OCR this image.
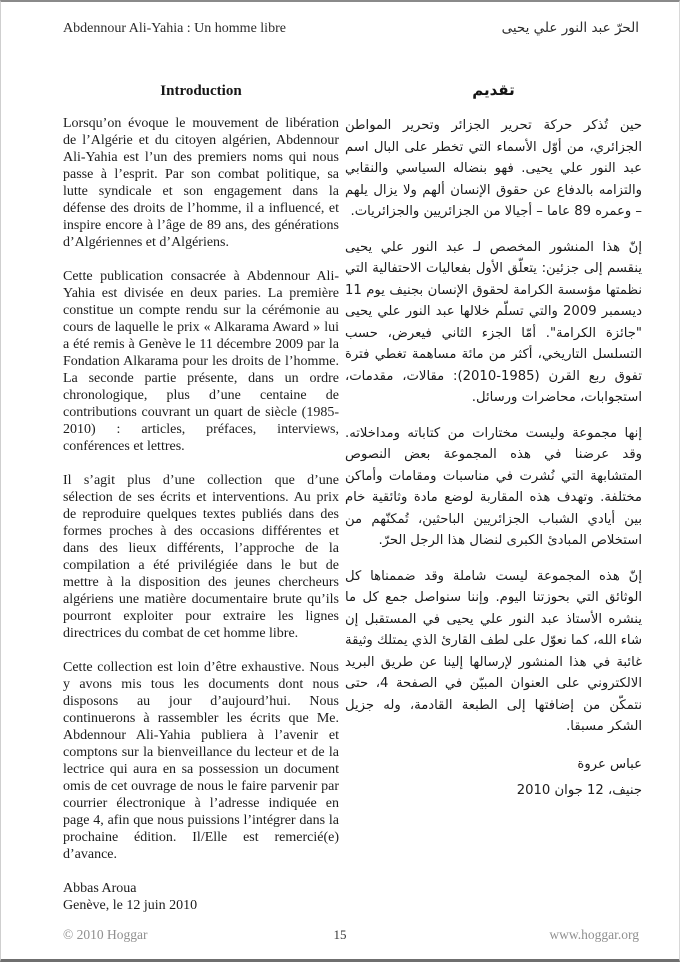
Abdennour Ali-Yahia : Un homme libre	الحرّ عبد النور علي يحيى
Introduction

Lorsqu’on évoque le mouvement de libération de l’Algérie et du citoyen algérien, Abdennour Ali-Yahia est l’un des premiers noms qui nous passe à l’esprit. Par son combat politique, sa lutte syndicale et son engagement dans la défense des droits de l’homme, il a influencé, et inspire encore à l’âge de 89 ans, des générations d’Algériennes et d’Algériens.

Cette publication consacrée à Abdennour Ali-Yahia est divisée en deux paries. La première constitue un compte rendu sur la cérémonie au cours de laquelle le prix « Alkarama Award » lui a été remis à Genève le 11 décembre 2009 par la Fondation Alkarama pour les droits de l’homme. La seconde partie présente, dans un ordre chronologique, plus d’une centaine de contributions couvrant un quart de siècle (1985-2010) : articles, préfaces, interviews, conférences et lettres.

Il s’agit plus d’une collection que d’une sélection de ses écrits et interventions. Au prix de reproduire quelques textes publiés dans des formes proches à des occasions différentes et dans des lieux différents, l’approche de la compilation a été privilégiée dans le but de mettre à la disposition des jeunes chercheurs algériens une matière documentaire brute qu’ils pourront exploiter pour extraire les lignes directrices du combat de cet homme libre.

Cette collection est loin d’être exhaustive. Nous y avons mis tous les documents dont nous disposons au jour d’aujourd’hui. Nous continuerons à rassembler les écrits que Me. Abdennour Ali-Yahia publiera à l’avenir et comptons sur la bienveillance du lecteur et de la lectrice qui aura en sa possession un document omis de cet ouvrage de nous le faire parvenir par courrier électronique à l’adresse indiquée en page 4, afin que nous puissions l’intégrer dans la prochaine édition. Il/Elle est remercié(e) d’avance.

Abbas Aroua
Genève, le 12 juin 2010
تقديم

حين تُذكر حركة تحرير الجزائر وتحرير المواطن الجزائري، من أوّل الأسماء التي تخطر على البال اسم عبد النور علي يحيى. فهو بنضاله السياسي والنقابي والتزامه بالدفاع عن حقوق الإنسان ألهم ولا يزال يلهم – وعمره 89 عاما – أجيالا من الجزائريين والجزائريات.

إنّ هذا المنشور المخصص لـ عبد النور علي يحيى ينقسم إلى جزئين: يتعلّق الأول بفعاليات الاحتفالية التي نظمتها مؤسسة الكرامة لحقوق الإنسان بجنيف يوم 11 ديسمبر 2009 والتي تسلّم خلالها عبد النور علي يحيى "جائزة الكرامة". أمّا الجزء الثاني فيعرض، حسب التسلسل التاريخي، أكثر من مائة مساهمة تغطي فترة تفوق ربع القرن (1985-2010): مقالات، مقدمات، استجوابات، محاضرات ورسائل.

إنها مجموعة وليست مختارات من كتاباته ومداخلاته. وقد عرضنا في هذه المجموعة بعض النصوص المتشابهة التي نُشرت في مناسبات ومقامات وأماكن مختلفة. وتهدف هذه المقاربة لوضع مادة وثائقية خام بين أيادي الشباب الجزائريين الباحثين، تُمكنّهم من استخلاص المبادئ الكبرى لنضال هذا الرجل الحرّ.

إنّ هذه المجموعة ليست شاملة وقد ضممناها كل الوثائق التي بحوزتنا اليوم. وإننا سنواصل جمع كل ما ينشره الأستاذ عبد النور علي يحيى في المستقبل إن شاء الله، كما نعوّل على لطف القارئ الذي يمتلك وثيقة غائبة في هذا المنشور لإرسالها إلينا عن طريق البريد الالكتروني على العنوان المبيّن في الصفحة 4، حتى نتمكّن من إضافتها إلى الطبعة القادمة، وله جزيل الشكر مسبقا.

عباس عروة
جنيف، 12 جوان 2010
15
© 2010 Hoggar	www.hoggar.org
